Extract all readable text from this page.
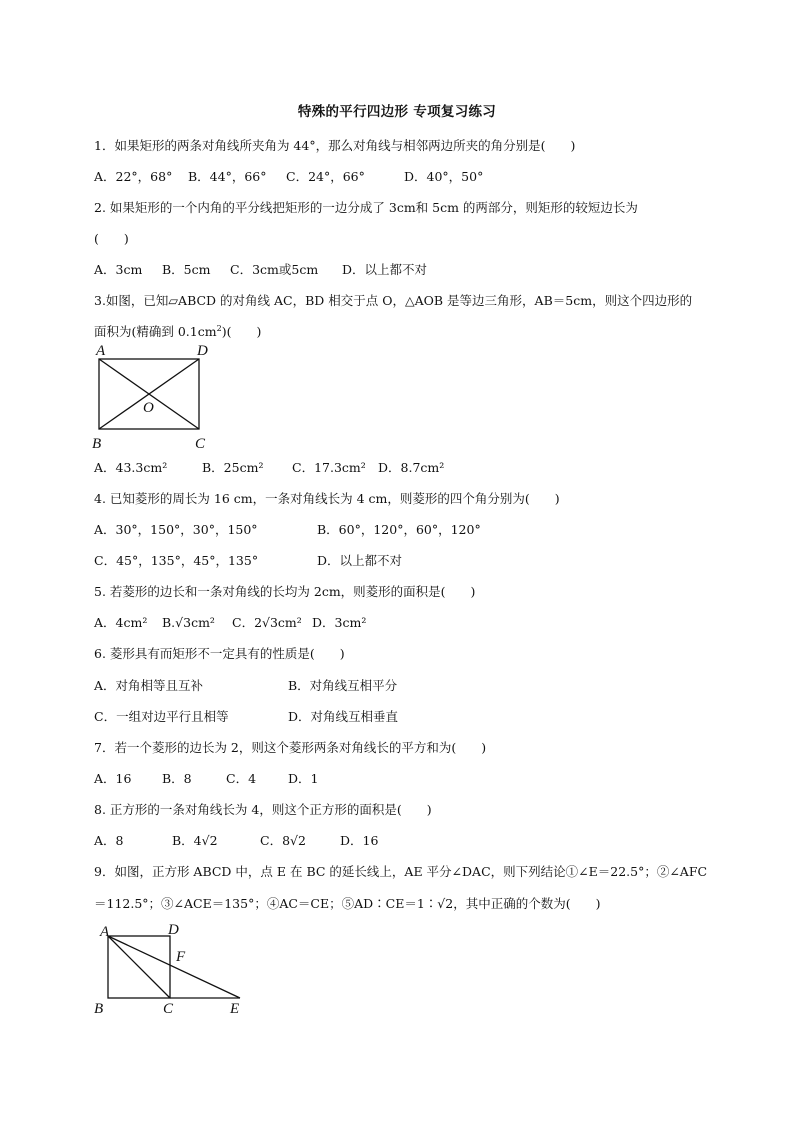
特殊的平行四边形 专项复习练习
1．如果矩形的两条对角线所夹角为 44°，那么对角线与相邻两边所夹的角分别是(　　)
A．22°，68° B．44°，66° C．24°，66°	D．40°，50°
2. 如果矩形的一个内角的平分线把矩形的一边分成了 3cm和 5cm 的两部分，则矩形的较短边长为
(　　)
A．3cm B．5cm C．3cm或5cm D．以上都不对
3.如图，已知▱ABCD 的对角线 AC，BD 相交于点 O，△AOB 是等边三角形，AB＝5cm，则这个四边形的
面积为(精确到 $0.1cm^2$)(　　)
A	D
O
B	C
A．43.3cm²	B．25cm² C．17.3cm² D．8.7cm²
4. 已知菱形的周长为 16 cm，一条对角线长为 4 cm，则菱形的四个角分别为(　　)
A．30°，150°，30°，150°	B．60°，120°，60°，120°
C．45°，135°，45°，135°	D．以上都不对
5. 若菱形的边长和一条对角线的长均为 2cm，则菱形的面积是(　　)
A．4cm² B.√3cm² C．2√3cm² D．3cm²
6. 菱形具有而矩形不一定具有的性质是(　　)
A．对角相等且互补	B．对角线互相平分
C．一组对边平行且相等	D．对角线互相垂直
7．若一个菱形的边长为 2，则这个菱形两条对角线长的平方和为(　　)
A．16 B．8	C．4	D．1
8. 正方形的一条对角线长为 4，则这个正方形的面积是(　　)
A．8	B．4√2	C．8√2	D．16
9．如图，正方形 ABCD 中，点 E 在 BC 的延长线上，AE 平分∠DAC，则下列结论①∠E＝22.5°；②∠AFC
＝112.5°；③∠ACE＝135°；④AC＝CE；⑤AD∶CE＝1∶√2，其中正确的个数为(　　)
A	D
F
B	C	E
